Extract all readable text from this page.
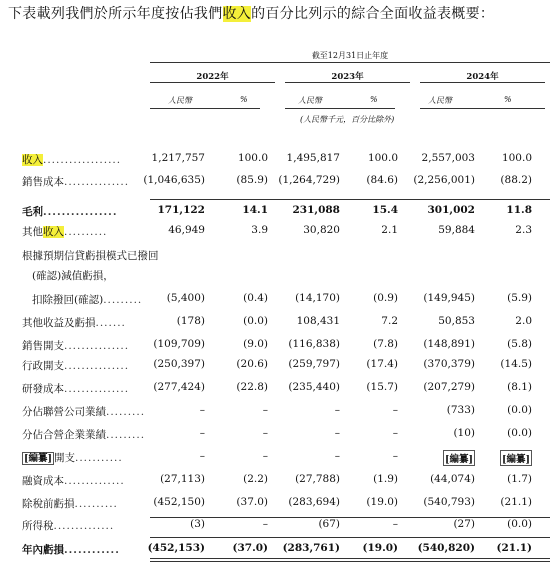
下表載列我們於所示年度按佔我們收入的百分比列示的綜合全面收益表概要：
截至12月31日止年度
2022年	2023年	2024年
人民幣	%	人民幣	%	人民幣	%
(人民幣千元，百分比除外)
收入..................	1,217,757	100.0 1,495,817	100.0 2,557,003	100.0
銷售成本............... (1,046,635)	(85.9) (1,264,729)	(84.6) (2,256,001) (88.2)
毛利................	171,122	14.1 231,088	15.4	301,002	11.8
其他收入..........	46,949	3.9	30,820	2.1	59,884	2.3
根據預期信貸虧損模式已撥回
(確認)減值虧損，
扣除撥回(確認)......... (5,400)	(0.4)	(14,170)	(0.9) (149,945)	(5.9)
其他收益及虧損.......	(178)	(0.0)	108,431	7.2	50,853	2.0
銷售開支............... (109,709)	(9.0) (116,838)	(7.8) (148,891)	(5.8)
行政開支............... (250,397)	(20.6) (259,797)	(17.4) (370,379) (14.5)
研發成本............... (277,424)	(22.8) (235,440)	(15.7) (207,279)	(8.1)
分佔聯營公司業績.........	–	–	–	–	(733)	(0.0)
分佔合營企業業績.........	–	–	–	–	(10)	(0.0)
[編纂] 開支...........	–	–	–	–	[編纂]	[編纂]
融資成本..............	(27,113)	(2.2)	(27,788)	(1.9)	(44,074)	(1.7)
除稅前虧損..........	(452,150)	(37.0) (283,694)	(19.0) (540,793) (21.1)
所得稅..............	(3)	–	(67)	–	(27)	(0.0)
年內虧損............	(452,153)	(37.0) (283,761) (19.0) (540,820) (21.1)
